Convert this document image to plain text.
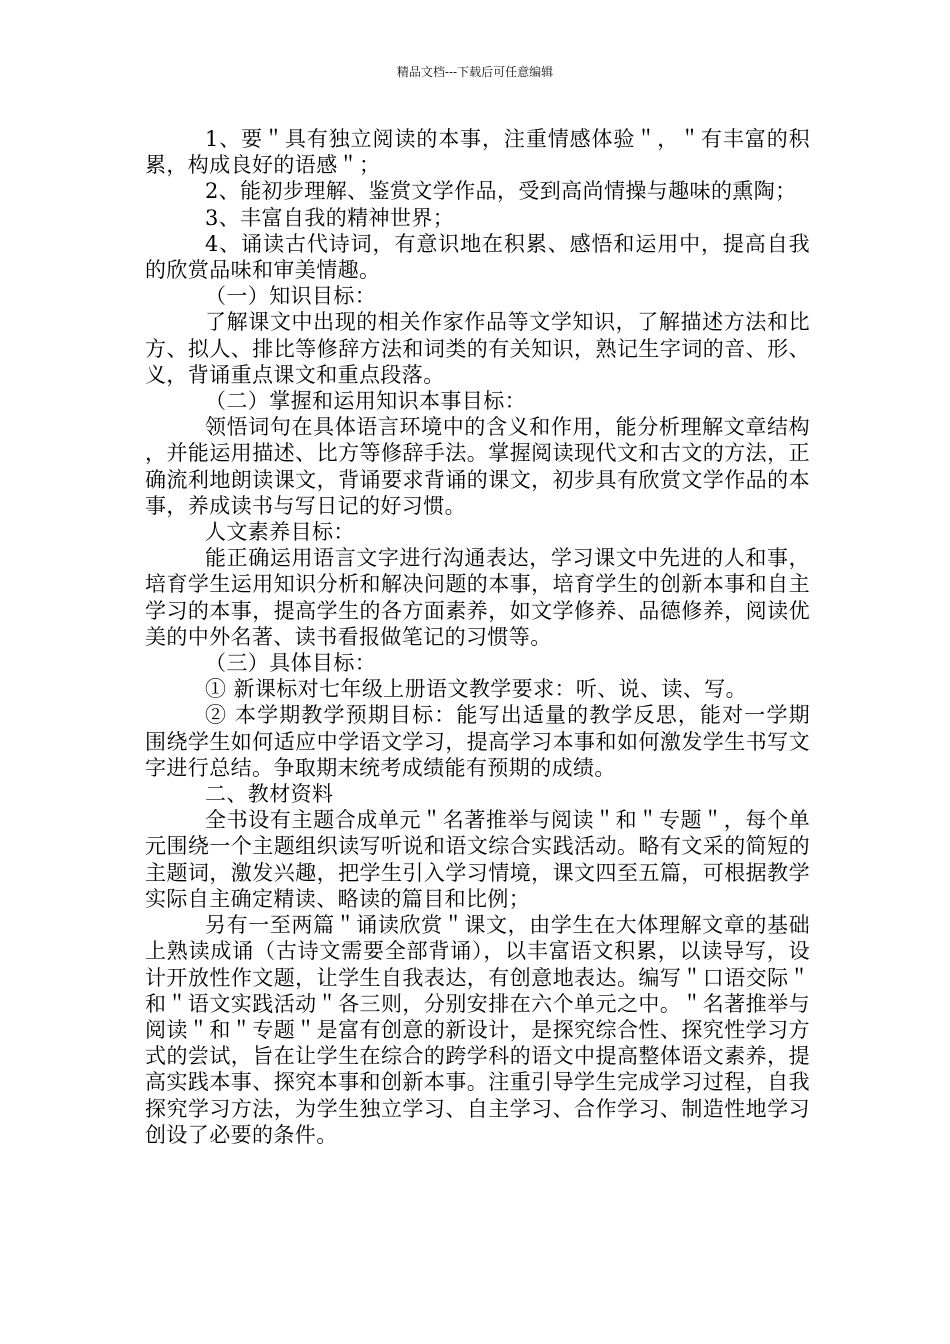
精品文档---下载后可任意编辑

1、要＂具有独立阅读的本事，注重情感体验＂，＂有丰富的积累，构成良好的语感＂；

2、能初步理解、鉴赏文学作品，受到高尚情操与趣味的熏陶；

3、丰富自我的精神世界；

4、诵读古代诗词，有意识地在积累、感悟和运用中，提高自我的欣赏品味和审美情趣。

（一）知识目标：

了解课文中出现的相关作家作品等文学知识，了解描述方法和比方、拟人、排比等修辞方法和词类的有关知识，熟记生字词的音、形、义，背诵重点课文和重点段落。

（二）掌握和运用知识本事目标：

领悟词句在具体语言环境中的含义和作用，能分析理解文章结构，并能运用描述、比方等修辞手法。掌握阅读现代文和古文的方法，正确流利地朗读课文，背诵要求背诵的课文，初步具有欣赏文学作品的本事，养成读书与写日记的好习惯。

人文素养目标：

能正确运用语言文字进行沟通表达，学习课文中先进的人和事，培育学生运用知识分析和解决问题的本事，培育学生的创新本事和自主学习的本事，提高学生的各方面素养，如文学修养、品德修养，阅读优美的中外名著、读书看报做笔记的习惯等。

（三）具体目标：

① 新课标对七年级上册语文教学要求：听、说、读、写。

② 本学期教学预期目标：能写出适量的教学反思，能对一学期围绕学生如何适应中学语文学习，提高学习本事和如何激发学生书写文字进行总结。争取期末统考成绩能有预期的成绩。

二、教材资料

全书设有主题合成单元＂名著推举与阅读＂和＂专题＂，每个单元围绕一个主题组织读写听说和语文综合实践活动。略有文采的简短的主题词，激发兴趣，把学生引入学习情境，课文四至五篇，可根据教学实际自主确定精读、略读的篇目和比例；

另有一至两篇＂诵读欣赏＂课文，由学生在大体理解文章的基础上熟读成诵（古诗文需要全部背诵），以丰富语文积累，以读导写，设计开放性作文题，让学生自我表达，有创意地表达。编写＂口语交际＂和＂语文实践活动＂各三则，分别安排在六个单元之中。＂名著推举与阅读＂和＂专题＂是富有创意的新设计，是探究综合性、探究性学习方式的尝试，旨在让学生在综合的跨学科的语文中提高整体语文素养，提高实践本事、探究本事和创新本事。注重引导学生完成学习过程，自我探究学习方法，为学生独立学习、自主学习、合作学习、制造性地学习创设了必要的条件。
